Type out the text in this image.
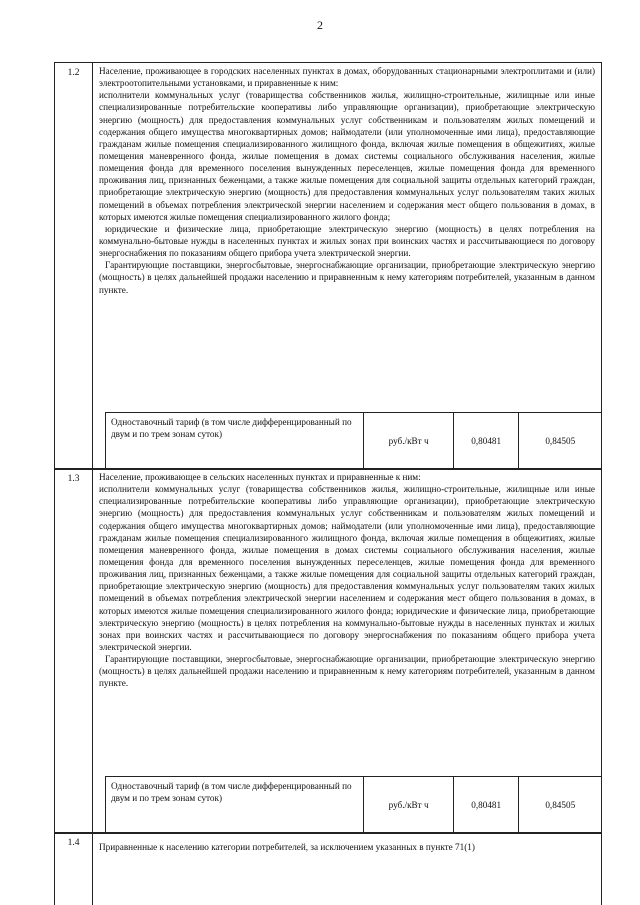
2
1.2	Население, проживающее в городских населенных пунктах в домах, оборудованных стационарными электроплитами и (или) электроотопительными установками, и приравненные к ним:

исполнители коммунальных услуг (товарищества собственников жилья, жилищно-строительные, жилищные или иные специализированные потребительские кооперативы либо управляющие организации), приобретающие электрическую энергию (мощность) для предоставления коммунальных услуг собственникам и пользователям жилых помещений и содержания общего имущества многоквартирных домов; наймодатели (или уполномоченные ими лица), предоставляющие гражданам жилые помещения специализированного жилищного фонда, включая жилые помещения в общежитиях, жилые помещения маневренного фонда, жилые помещения в домах системы социального обслуживания населения, жилые помещения фонда для временного поселения вынужденных переселенцев, жилые помещения фонда для временного проживания лиц, признанных беженцами, а также жилые помещения для социальной защиты отдельных категорий граждан, приобретающие электрическую энергию (мощность) для предоставления коммунальных услуг пользователям таких жилых помещений в объемах потребления электрической энергии населением и содержания мест общего пользования в домах, в которых имеются жилые помещения специализированного жилого фонда;

юридические и физические лица, приобретающие электрическую энергию (мощность) в целях потребления на коммунально-бытовые нужды в населенных пунктах и жилых зонах при воинских частях и рассчитывающиеся по договору энергоснабжения по показаниям общего прибора учета электрической энергии.

Гарантирующие поставщики, энергосбытовые, энергоснабжающие организации, приобретающие электрическую энергию (мощность) в целях дальнейшей продажи населению и приравненным к нему категориям потребителей, указанным в данном пункте.

Одноставочный тариф (в том числе дифференцированный по двум и по трем зонам суток)
руб./кВт ч	0,80481	0,84505
1.3	Население, проживающее в сельских населенных пунктах и приравненные к ним:

исполнители коммунальных услуг (товарищества собственников жилья, жилищно-строительные, жилищные или иные специализированные потребительские кооперативы либо управляющие организации), приобретающие электрическую энергию (мощность) для предоставления коммунальных услуг собственникам и пользователям жилых помещений и содержания общего имущества многоквартирных домов; наймодатели (или уполномоченные ими лица), предоставляющие гражданам жилые помещения специализированного жилищного фонда, включая жилые помещения в общежитиях, жилые помещения маневренного фонда, жилые помещения в домах системы социального обслуживания населения, жилые помещения фонда для временного поселения вынужденных переселенцев, жилые помещения фонда для временного проживания лиц, признанных беженцами, а также жилые помещения для социальной защиты отдельных категорий граждан, приобретающие электрическую энергию (мощность) для предоставления коммунальных услуг пользователям таких жилых помещений в объемах потребления электрической энергии населением и содержания мест общего пользования в домах, в которых имеются жилые помещения специализированного жилого фонда; юридические и физические лица, приобретающие электрическую энергию (мощность) в целях потребления на коммунально-бытовые нужды в населенных пунктах и жилых зонах при воинских частях и рассчитывающиеся по договору энергоснабжения по показаниям общего прибора учета электрической энергии.

Гарантирующие поставщики, энергосбытовые, энергоснабжающие организации, приобретающие электрическую энергию (мощность) в целях дальнейшей продажи населению и приравненным к нему категориям потребителей, указанным в данном пункте.

Одноставочный тариф (в том числе дифференцированный по двум и по трем зонам суток)
руб./кВт ч	0,80481	0,84505
1.4	Приравненные к населению категории потребителей, за исключением указанных в пункте 71(1)
